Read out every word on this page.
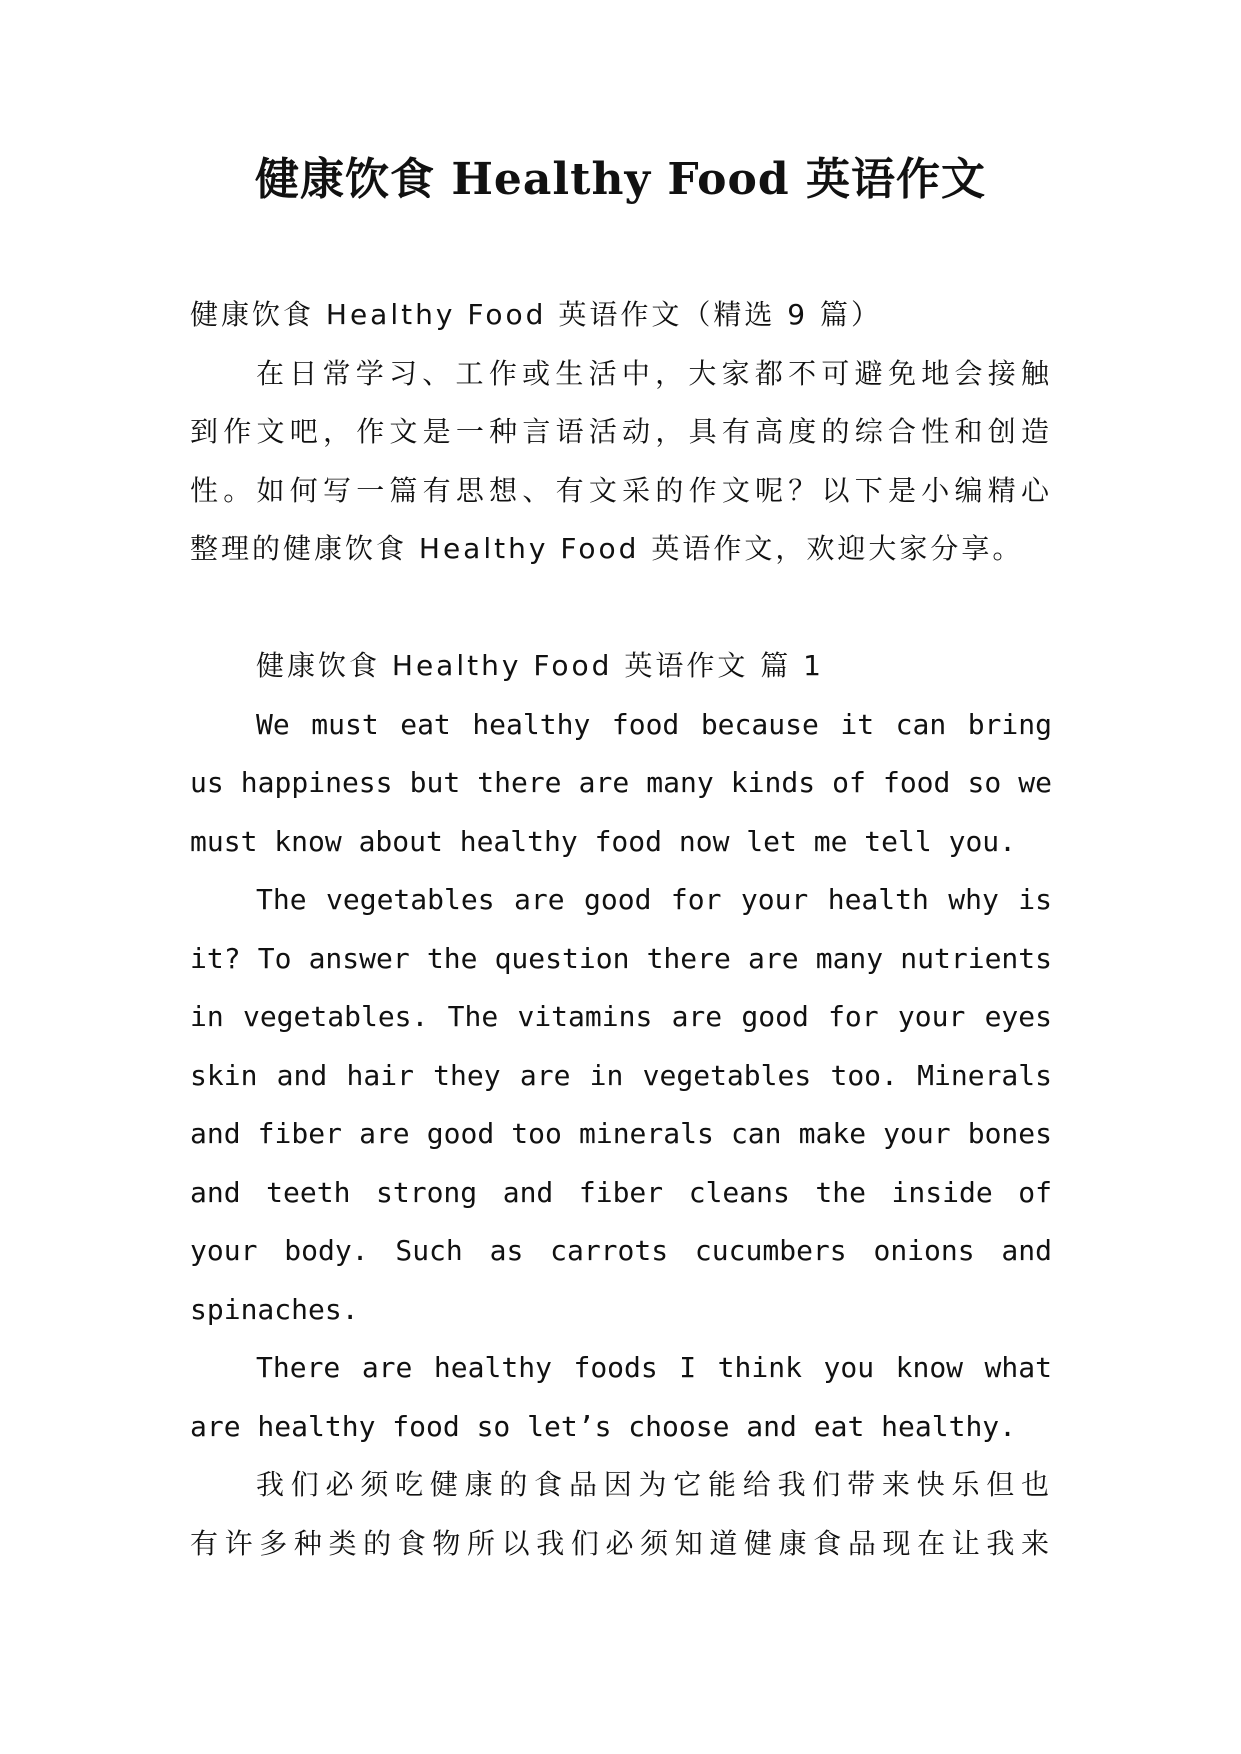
健康饮食 Healthy Food 英语作文

健康饮食 Healthy Food 英语作文（精选 9 篇）

在日常学习、工作或生活中，大家都不可避免地会接触

到作文吧，作文是一种言语活动，具有高度的综合性和创造

性。如何写一篇有思想、有文采的作文呢？以下是小编精心

整理的健康饮食 Healthy Food 英语作文，欢迎大家分享。

健康饮食 Healthy Food 英语作文 篇 1

We must eat healthy food because it can bring

us happiness but there are many kinds of food so we

must know about healthy food now let me tell you.

The vegetables are good for your health why is

it? To answer the question there are many nutrients

in vegetables. The vitamins are good for your eyes

skin and hair they are in vegetables too. Minerals

and fiber are good too minerals can make your bones

and teeth strong and fiber cleans the inside of

your body. Such as carrots cucumbers onions and

spinaches.

There are healthy foods I think you know what

are healthy food so let’s choose and eat healthy.

我们必须吃健康的食品因为它能给我们带来快乐但也

有许多种类的食物所以我们必须知道健康食品现在让我来
